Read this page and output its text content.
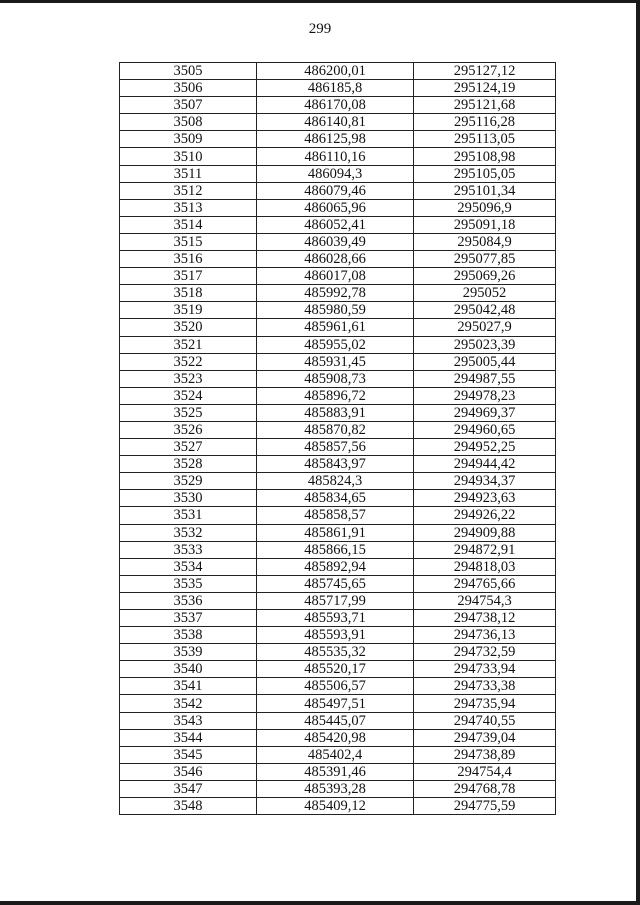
299
3505	486200,01	295127,12
3506	486185,8	295124,19
3507	486170,08	295121,68
3508	486140,81	295116,28
3509	486125,98	295113,05
3510	486110,16	295108,98
3511	486094,3	295105,05
3512	486079,46	295101,34
3513	486065,96	295096,9
3514	486052,41	295091,18
3515	486039,49	295084,9
3516	486028,66	295077,85
3517	486017,08	295069,26
3518	485992,78	295052
3519	485980,59	295042,48
3520	485961,61	295027,9
3521	485955,02	295023,39
3522	485931,45	295005,44
3523	485908,73	294987,55
3524	485896,72	294978,23
3525	485883,91	294969,37
3526	485870,82	294960,65
3527	485857,56	294952,25
3528	485843,97	294944,42
3529	485824,3	294934,37
3530	485834,65	294923,63
3531	485858,57	294926,22
3532	485861,91	294909,88
3533	485866,15	294872,91
3534	485892,94	294818,03
3535	485745,65	294765,66
3536	485717,99	294754,3
3537	485593,71	294738,12
3538	485593,91	294736,13
3539	485535,32	294732,59
3540	485520,17	294733,94
3541	485506,57	294733,38
3542	485497,51	294735,94
3543	485445,07	294740,55
3544	485420,98	294739,04
3545	485402,4	294738,89
3546	485391,46	294754,4
3547	485393,28	294768,78
3548	485409,12	294775,59
